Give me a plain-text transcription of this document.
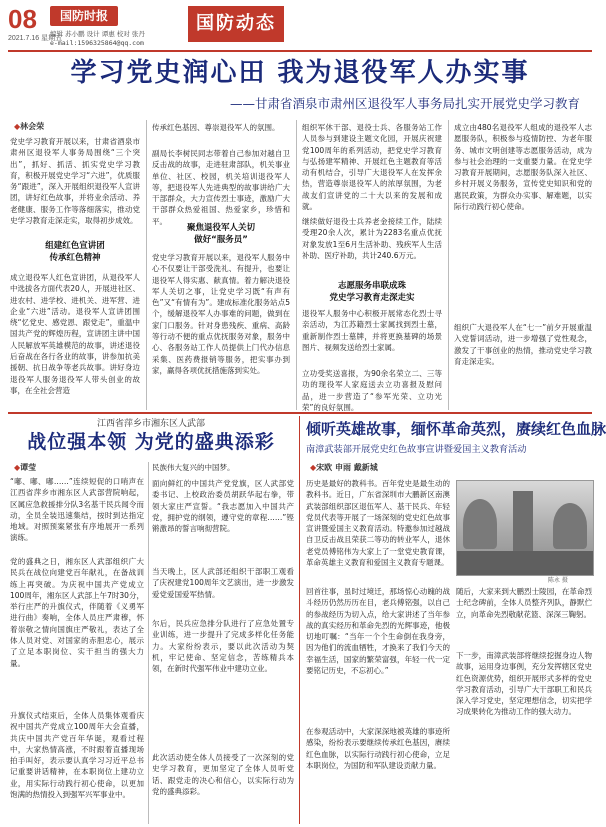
08
2021.7.16 星期五
国防时报
编辑 苏小鹏 设计 谭惠 校对 张丹
e-mail:1596325864@qq.com
国防动态
学习党史润心田 我为退役军人办实事
——甘肃省酒泉市肃州区退役军人事务局扎实开展党史学习教育
◆ 林会荣
党史学习教育开展以来，甘肃省酒泉市肃州区退役军人事务局围绕“三个突出”，抓好、抓活、抓实党史学习教育，积极开展党史学习“六进”，优质服务“跟进”，深入开展组织退役军人宣讲团，讲好红色故事，并将业余活动、养老健康、服务工作等落细落实，推动党史学习教育走深走实，取得初步成效。
组建红色宣讲团
传承红色精神
成立退役军人红色宣讲团，从退役军人中选拔各方面代表20人，开展进社区、进农村、进学校、进机关、进军营、进企业“六进”活动。退役军人宣讲团围绕“忆党史、感党恩、跟党走”，重温中国共产党的辉煌历程，宣讲团主讲中国人民解放军英雄模范的故事，讲述退役后奋战在各行各业的故事，讲参加抗美援朝、抗日战争等老兵故事。讲好身边退役军人服务退役军人带头创业的故事，在全社会营造
传承红色基因、尊崇退役军人的氛围。
副局长李树民同志带着自己参加对越自卫反击战的故事，走进驻肃部队，机关事业单位、社区、校园，机关培训退役军人等，把退役军人先进典型的故事讲给广大干部群众，大力宣传烈士事迹，激励广大干部群众热爱祖国、热爱家乡，珍惜和平。
聚焦退役军人关切
做好“服务员”
党史学习教育开展以来，退役军人服务中心不仅要让干部受洗礼、有提升，也要让退役军人得实惠、献真情。着力解决退役军人关切之事，让党史学习既“有声有色”又“有情有为”。建成标准化服务站点5个，缓解退役军人办事难的问题，做到在家门口服务。针对身患残疾、重病、高龄等行动不便的重点优抚服务对象，服务中心、各服务站工作人员提供上门代办信息采集、医药费报销等服务，把实事办到家，赢得各项优抚措施落到实处。
组织军休干部、退役士兵、各服务站工作人员参与到建设主题文化园，开展庆祝建党100周年的系列活动，把党史学习教育与弘扬建军精神、开展红色主题教育等活动有机结合，引导广大退役军人在发挥余热，营造尊崇退役军人的浓厚氛围，为老战友们宣讲党的二十大以来的发展和成就。
继续做好退役士兵养老金接续工作，陆续受理20余人次，累计为2283名重点优抚对象发放1至6月生活补助、残疾军人生活补助、医疗补助，共计240.6万元。
志愿服务串联成珠
党史学习教育走深走实
退役军人服务中心积极开展常态化烈士寻亲活动，为江苏籍烈士家属找到烈士墓，重新制作烈士墓牌，并将更换墓碑的场景图片、视频发送给烈士家属。
立功受奖送喜报，为90余名荣立二、三等功的现役军人家庭送去立功喜报及慰问品，进一步营造了“参军光荣、立功光荣”的良好氛围。
成立由480名退役军人组成的退役军人志愿服务队，积极参与疫情防控、为老年服务、城市文明创建等志愿服务活动，成为参与社会治理的一支重要力量。在党史学习教育开展期间，志愿服务队深入社区、乡村开展义务服务，宣传党史知识和党的惠民政策，为群众办实事、解难题，以实际行动践行初心使命。
组织广大退役军人在“七一”前夕开展重温入党誓词活动，进一步增强了党性观念，激发了干事创业的热情，推动党史学习教育走深走实。
江西省萍乡市湘东区人武部
战位强本领 为党的盛典添彩
◆ 谭莹
“嘟、嘟、嘟……”连续短促的口哨声在江西省萍乡市湘东区人武部营院响起，区属应急救援排分队3名基干民兵闻令而动，全员全装迅速集结，按时到达指定地域。对照预案紧张有序地展开一系列演练。
党的盛典之日，湘东区人武部组织广大民兵在战位向建党百年献礼，在备战训练上再突破。为庆祝中国共产党成立100周年，湘东区人武部上午7时30分，举行庄严的升旗仪式，伴随着《义勇军进行曲》奏响，全体人员庄严肃穆，怀着崇敬之情向国旗庄严敬礼，表达了全体人员对党、对国家的赤胆忠心，展示了立足本职岗位、实干担当的强大力量。
升旗仪式结束后，全体人员集体观看庆祝中国共产党成立100周年大会直播，共庆中国共产党百年华诞，观看过程中，大家热情高涨，不时跟着直播现场拍手叫好，表示要认真学习习近平总书记重要讲话精神，在本职岗位上建功立业，用实际行动践行初心使命，以更加饱满的热情投入到强军兴军事业中。
民族伟大复兴的中国梦。
面向鲜红的中国共产党党旗，区人武部党委书记、上校政治委员胡跃华起右拳，带领大家庄严宣誓。“我志愿加入中国共产党，拥护党的纲领，遵守党的章程……”铿锵激昂的誓言响彻营院。
当天晚上，区人武部还组织干部职工观看了庆祝建党100周年文艺演出，进一步激发爱党爱国爱军热情。
尔后，民兵应急排分队进行了应急处置专业训练，进一步提升了完成多样化任务能力。大家纷纷表示，要以此次活动为契机，牢记使命、坚定信念，苦练精兵本领，在新时代强军伟业中建功立业。
此次活动使全体人员接受了一次深刻的党史学习教育，更加坚定了全体人员听党话、跟党走的决心和信心，以实际行动为党的盛典添彩。
倾听英雄故事，缅怀革命英烈，赓续红色血脉
南漳武装部开展党史红色故事宣讲暨爱国主义教育活动
◆ 宋欧 申雨 戴新城
历史是最好的教科书。百年党史是最生动的教科书。近日，广东省深圳市大鹏新区南澳武装部组织部区退伍军人、基干民兵、年轻党员代表等开展了一场深刻的党史红色故事宣讲暨爱国主义教育活动。特邀参加过越战自卫反击战且荣获二等功的转业军人，退休老党员傅铭伟为大家上了一堂党史教育课，革命英雄主义教育和爱国主义教育专题课。
回首往事，虽时过境迁，那场惊心动魄的战斗经历仍然历历在目，老兵傅铭强，以自己的参战经历为切入点，给大家讲述了当年参战的真实经历和革命先烈的光辉事迹，他极切地叮嘱：“当年一个个生命倒在我身旁，因为他们的流血牺牲，才换来了我们今天的幸福生活，国家的繁荣富强，年轻一代一定要铭记历史，不忘初心。”
在参观活动中，大家深深地被英雄的事迹所感染，纷纷表示要继续传承红色基因，赓续红色血脉，以实际行动践行初心使命，立足本职岗位，为国防和军队建设贡献力量。
陈永 摄
随后，大家来到大鹏烈士陵园，在革命烈士纪念碑前，全体人员整齐列队，静默伫立，向革命先烈敬献花篮、深深三鞠躬。
下一步，南漳武装部将继续挖掘身边人物故事，运用身边事例，充分发挥辖区党史红色资源优势，组织开展形式多样的党史学习教育活动，引导广大干部职工和民兵深入学习党史，坚定理想信念，切实把学习成果转化为推动工作的强大动力。
